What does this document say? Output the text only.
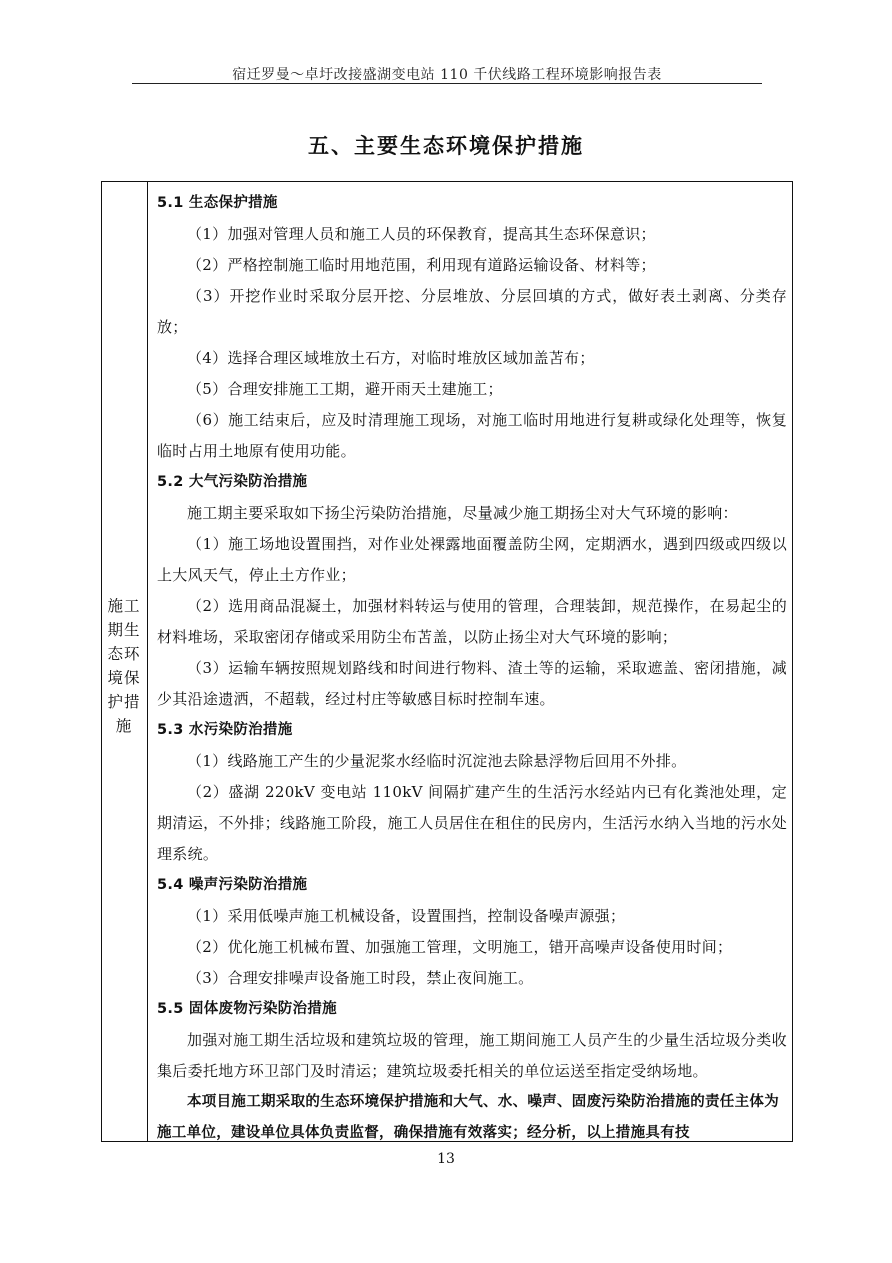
宿迁罗曼～卓圩改接盛湖变电站 110 千伏线路工程环境影响报告表
五、主要生态环境保护措施
施工期生态环境保护措施
5.1 生态保护措施
（1）加强对管理人员和施工人员的环保教育，提高其生态环保意识；
（2）严格控制施工临时用地范围，利用现有道路运输设备、材料等；
（3）开挖作业时采取分层开挖、分层堆放、分层回填的方式，做好表土剥离、分类存放；
（4）选择合理区域堆放土石方，对临时堆放区域加盖苫布；
（5）合理安排施工工期，避开雨天土建施工；
（6）施工结束后，应及时清理施工现场，对施工临时用地进行复耕或绿化处理等，恢复临时占用土地原有使用功能。
5.2 大气污染防治措施
施工期主要采取如下扬尘污染防治措施，尽量减少施工期扬尘对大气环境的影响：
（1）施工场地设置围挡，对作业处裸露地面覆盖防尘网，定期洒水，遇到四级或四级以上大风天气，停止土方作业；
（2）选用商品混凝土，加强材料转运与使用的管理，合理装卸，规范操作，在易起尘的材料堆场，采取密闭存储或采用防尘布苫盖，以防止扬尘对大气环境的影响；
（3）运输车辆按照规划路线和时间进行物料、渣土等的运输，采取遮盖、密闭措施，减少其沿途遗洒，不超载，经过村庄等敏感目标时控制车速。
5.3 水污染防治措施
（1）线路施工产生的少量泥浆水经临时沉淀池去除悬浮物后回用不外排。
（2）盛湖 220kV 变电站 110kV 间隔扩建产生的生活污水经站内已有化粪池处理，定期清运，不外排；线路施工阶段，施工人员居住在租住的民房内，生活污水纳入当地的污水处理系统。
5.4 噪声污染防治措施
（1）采用低噪声施工机械设备，设置围挡，控制设备噪声源强；
（2）优化施工机械布置、加强施工管理，文明施工，错开高噪声设备使用时间；
（3）合理安排噪声设备施工时段，禁止夜间施工。
5.5 固体废物污染防治措施
加强对施工期生活垃圾和建筑垃圾的管理，施工期间施工人员产生的少量生活垃圾分类收集后委托地方环卫部门及时清运；建筑垃圾委托相关的单位运送至指定受纳场地。
本项目施工期采取的生态环境保护措施和大气、水、噪声、固废污染防治措施的责任主体为施工单位，建设单位具体负责监督，确保措施有效落实；经分析，以上措施具有技
13
